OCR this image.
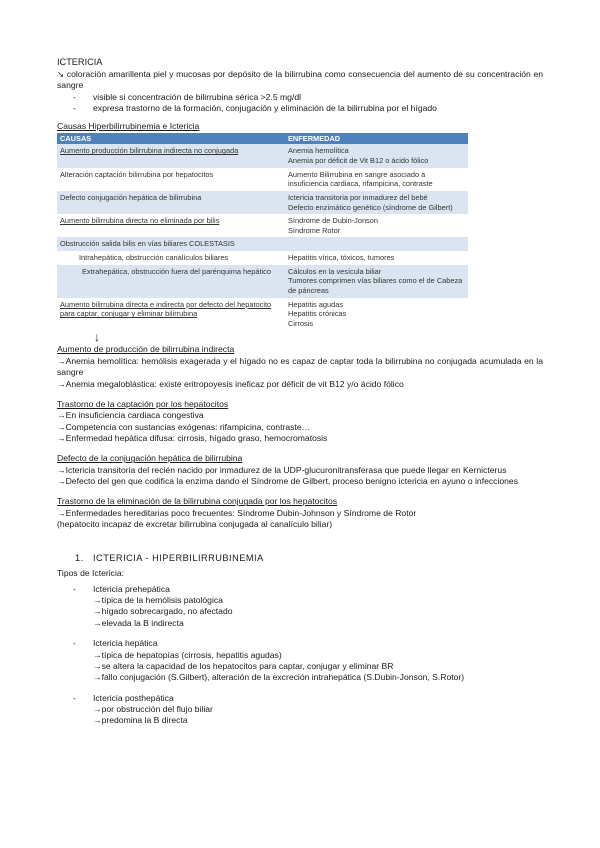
ICTERICIA
↘ coloración amarillenta piel y mucosas por depósito de la bilirrubina como consecuencia del aumento de su concentración en sangre
- visible si concentración de bilirrubina sérica >2.5 mg/dl
- expresa trastorno de la formación, conjugación y eliminación de la bilirrubina por el hígado
Causas Hiperbilirrubinemia e Ictericia
CAUSAS	ENFERMEDAD
Aumento producción bilirrubina indirecta no conjugada	Anemia hemolítica
Anemia por déficit de Vit B12 o ácido fólico
Alteración captación bilirrubina por hepatocitos	Aumento Bilirrubina en sangre asociado a insuficiencia cardiaca, rifampicina, contraste
Defecto conjugación hepática de bilirrubina	Ictericia transitoria por inmadurez del bebé
Defecto enzimático genético (síndrome de Gilbert)
Aumento bilirrubina directa no eliminada por bilis	Síndrome de Dubin-Jonson
Síndrome Rotor
Obstrucción salida bilis en vías biliares COLESTASIS	
Intrahepática, obstrucción canalículos biliares	Hepatitis vírica, tóxicos, tumores
Extrahepática, obstrucción fuera del parénquima hepático	Cálculos en la vesícula biliar
Tumores comprimen vías biliares como el de Cabeza de páncreas
Aumento bilirrubina directa e indirecta por defecto del hepatocito para captar, conjugar y eliminar bilirrubina	Hepatitis agudas
Hepatitis crónicas
Cirrosis
↓
Aumento de producción de bilirrubina indirecta
→Anemia hemolítica: hemólisis exagerada y el hígado no es capaz de captar toda la bilirrubina no conjugada acumulada en la sangre
→Anemia megaloblástica: existe eritropoyesis ineficaz por déficit de vit B12 y/o ácido fólico
Trastorno de la captación por los hepatocitos
→En insuficiencia cardiaca congestiva
→Competencia con sustancias exógenas: rifampicina, contraste…
→Enfermedad hepática difusa: cirrosis, hígado graso, hemocromatosis
Defecto de la conjugación hepática de bilirrubina
→Ictericia transitoria del recién nacido por inmadurez de la UDP-glucuronitransferasa que puede llegar en Kernicterus
→Defecto del gen que codifica la enzima dando el Síndrome de Gilbert, proceso benigno ictericia en ayuno o infecciones
Trastorno de la eliminación de la bilirrubina conjugada por los hepatocitos
→Enfermedades hereditarias poco frecuentes: Síndrome Dubin-Johnson y Síndrome de Rotor
(hepatocito incapaz de excretar bilirrubina conjugada al canalículo biliar)
1. ICTERICIA - HIPERBILIRRUBINEMIA
Tipos de Ictericia:
- Ictericia prehepática
→típica de la hemólisis patológica
→hígado sobrecargado, no afectado
→elevada la B indirecta
- Ictericia hepática
→típica de hepatopías (cirrosis, hepatitis agudas)
→se altera la capacidad de los hepatocitos para captar, conjugar y eliminar BR
→fallo conjugación (S.Gilbert), alteración de la excreción intrahepática (S.Dubin-Jonson, S.Rotor)
- Ictericia posthepática
→por obstrucción del flujo biliar
→predomina la B directa
